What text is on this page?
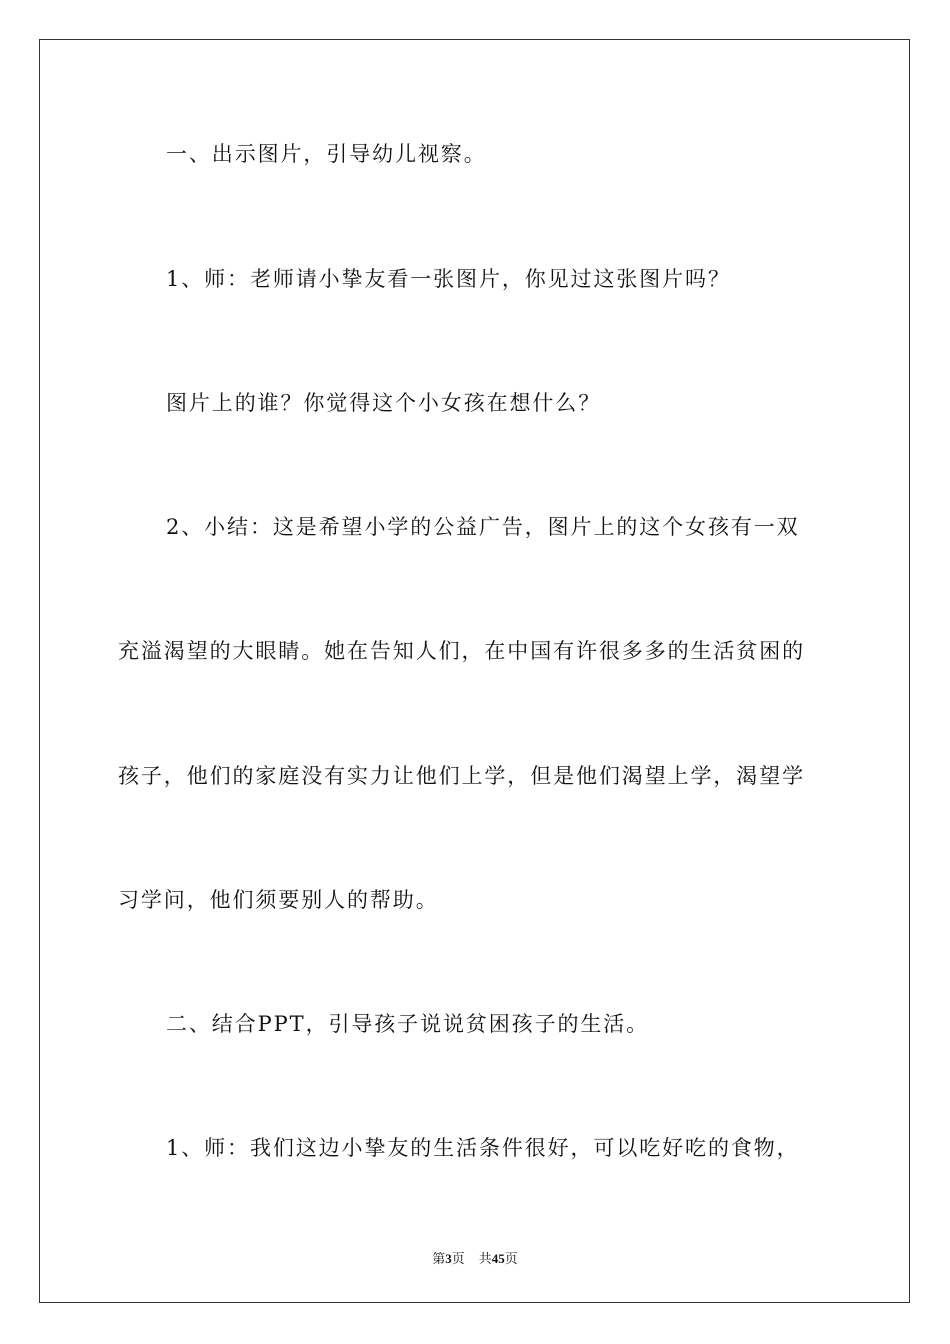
一、出示图片，引导幼儿视察。
1、师：老师请小挚友看一张图片，你见过这张图片吗？
图片上的谁？你觉得这个小女孩在想什么？
2、小结：这是希望小学的公益广告，图片上的这个女孩有一双
充溢渴望的大眼睛。她在告知人们，在中国有许很多多的生活贫困的
孩子，他们的家庭没有实力让他们上学，但是他们渴望上学，渴望学
习学问，他们须要别人的帮助。
二、结合PPT，引导孩子说说贫困孩子的生活。
1、师：我们这边小挚友的生活条件很好，可以吃好吃的食物，
第3页 共45页
